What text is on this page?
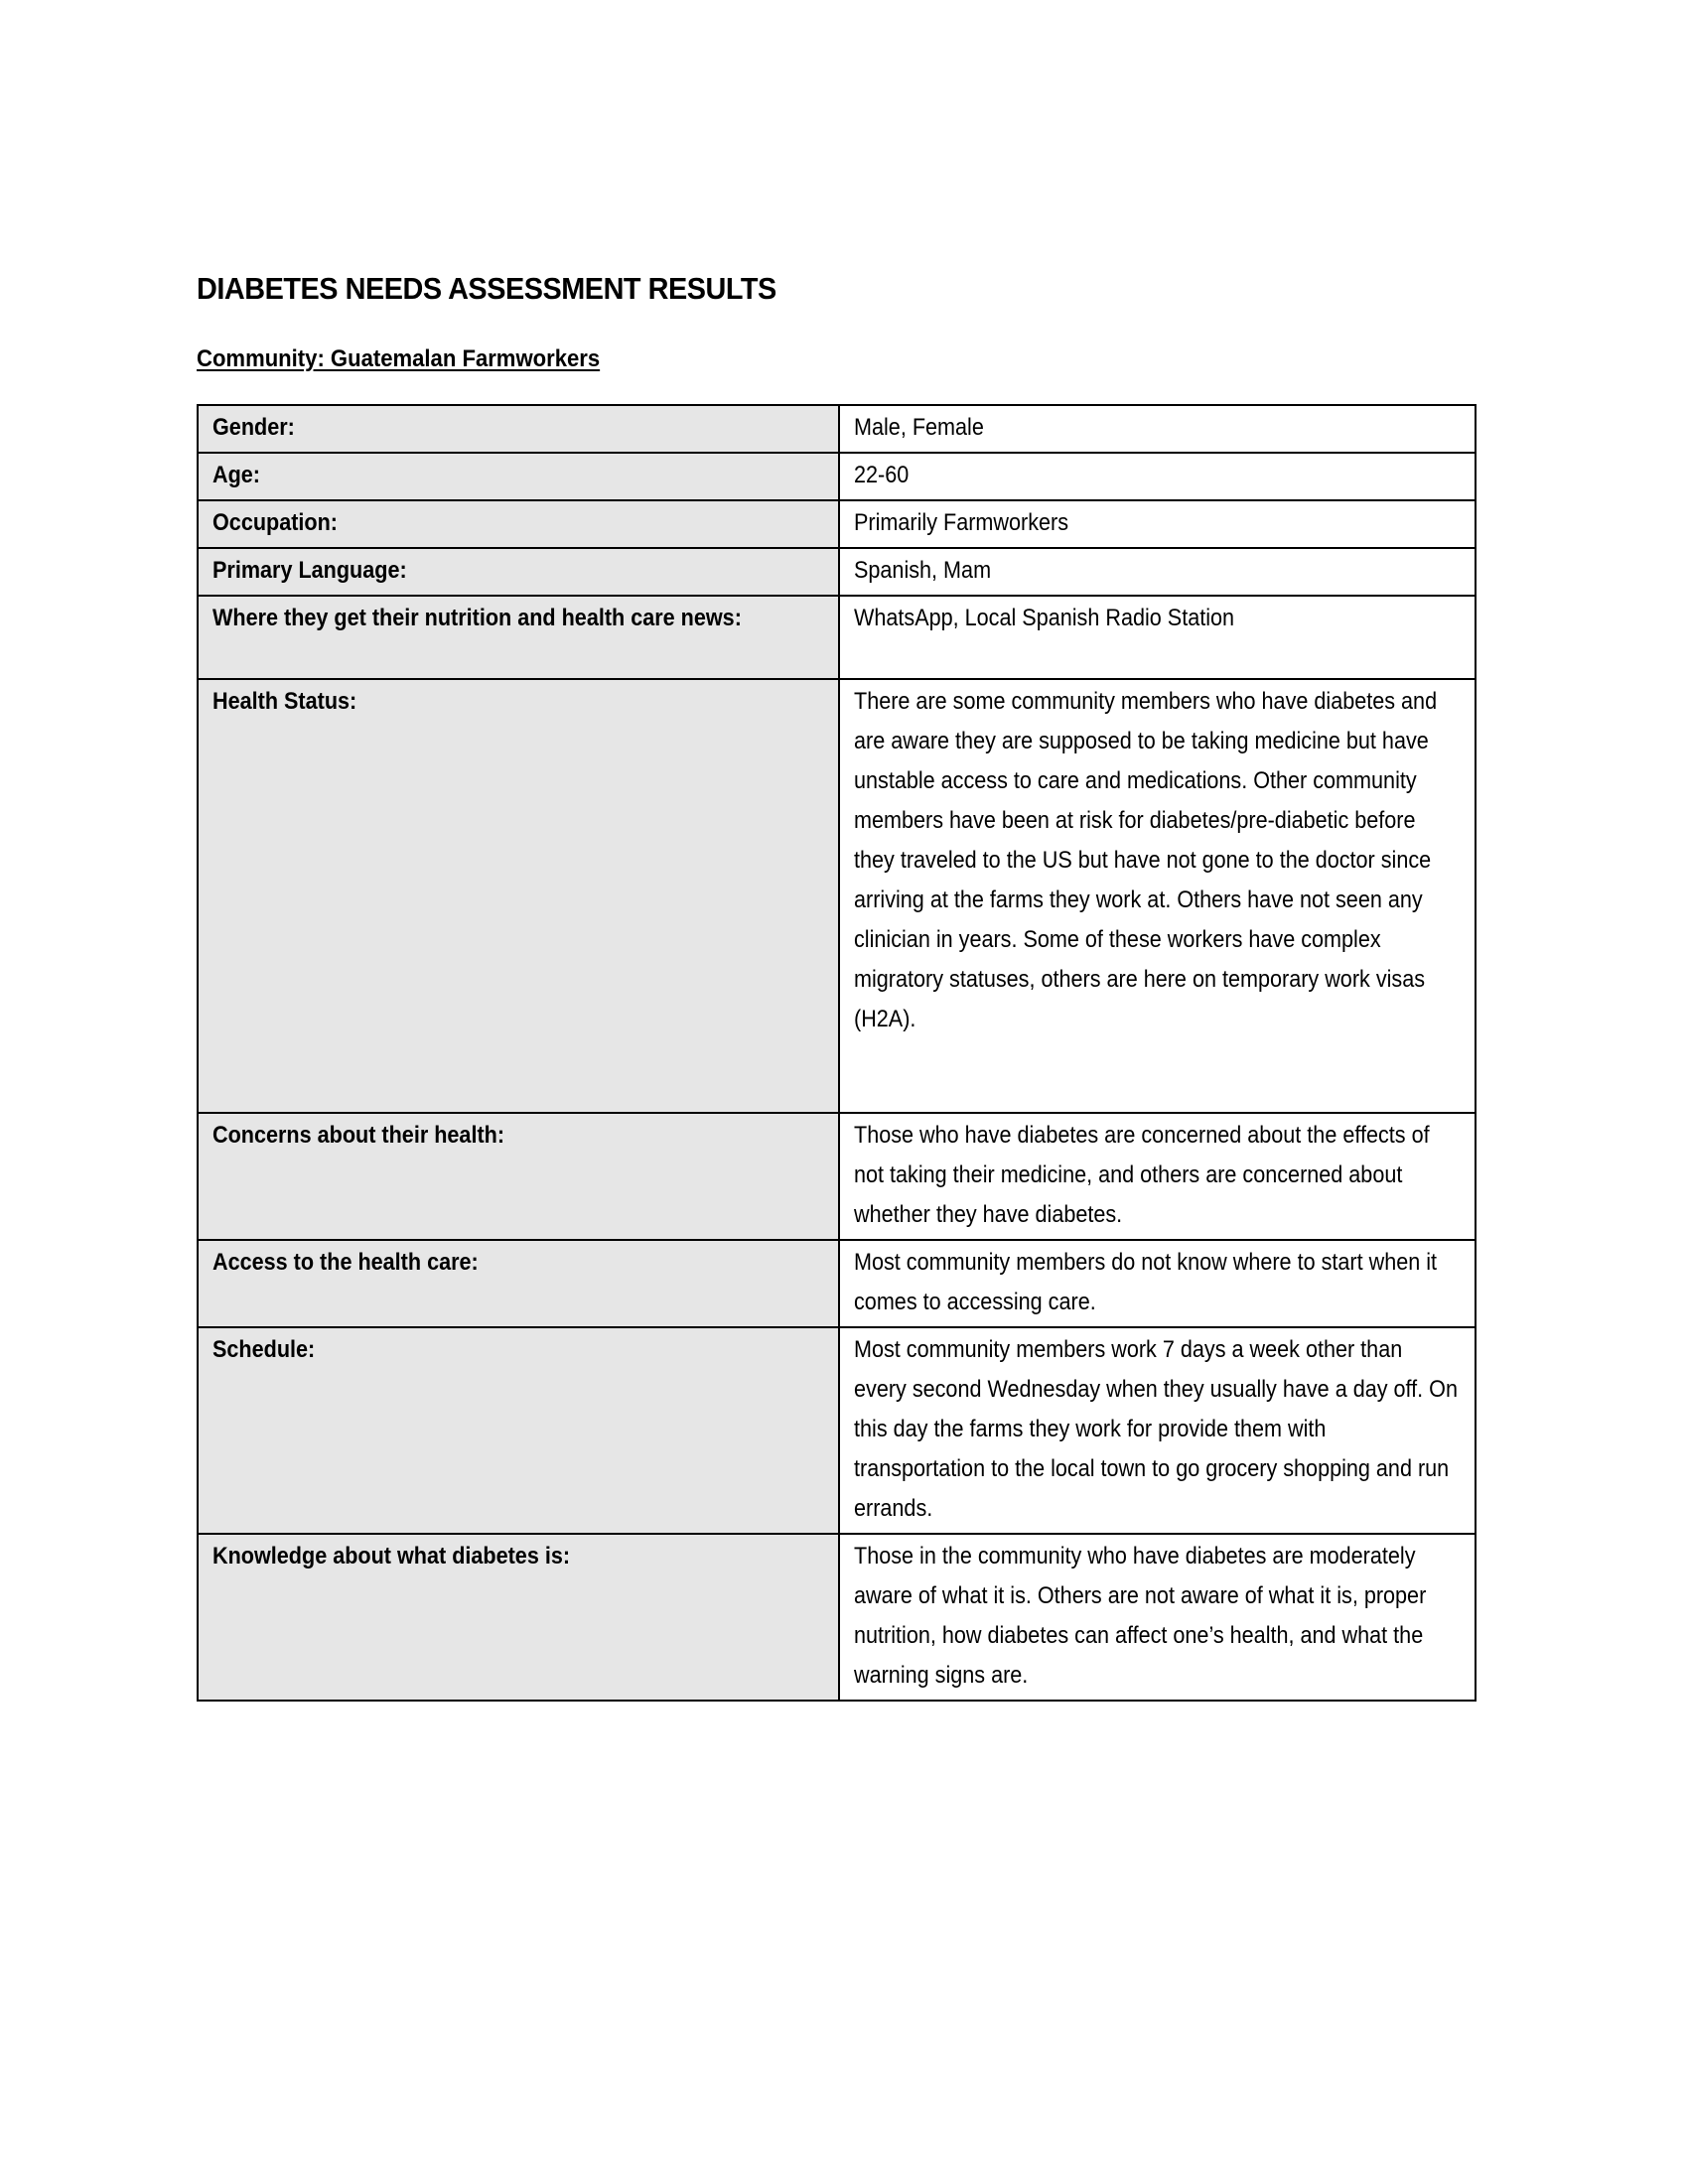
DIABETES NEEDS ASSESSMENT RESULTS
Community: Guatemalan Farmworkers
Gender:	Male, Female
Age:	22-60
Occupation:	Primarily Farmworkers
Primary Language:	Spanish, Mam
Where they get their nutrition and health care news:	WhatsApp, Local Spanish Radio Station
Health Status:	There are some community members who have diabetes and are aware they are supposed to be taking medicine but have unstable access to care and medications. Other community members have been at risk for diabetes/pre-diabetic before they traveled to the US but have not gone to the doctor since arriving at the farms they work at. Others have not seen any clinician in years. Some of these workers have complex migratory statuses, others are here on temporary work visas (H2A).
Concerns about their health:	Those who have diabetes are concerned about the effects of not taking their medicine, and others are concerned about whether they have diabetes.
Access to the health care:	Most community members do not know where to start when it comes to accessing care.
Schedule:	Most community members work 7 days a week other than every second Wednesday when they usually have a day off. On this day the farms they work for provide them with transportation to the local town to go grocery shopping and run errands.
Knowledge about what diabetes is:	Those in the community who have diabetes are moderately aware of what it is. Others are not aware of what it is, proper nutrition, how diabetes can affect one’s health, and what the warning signs are.
